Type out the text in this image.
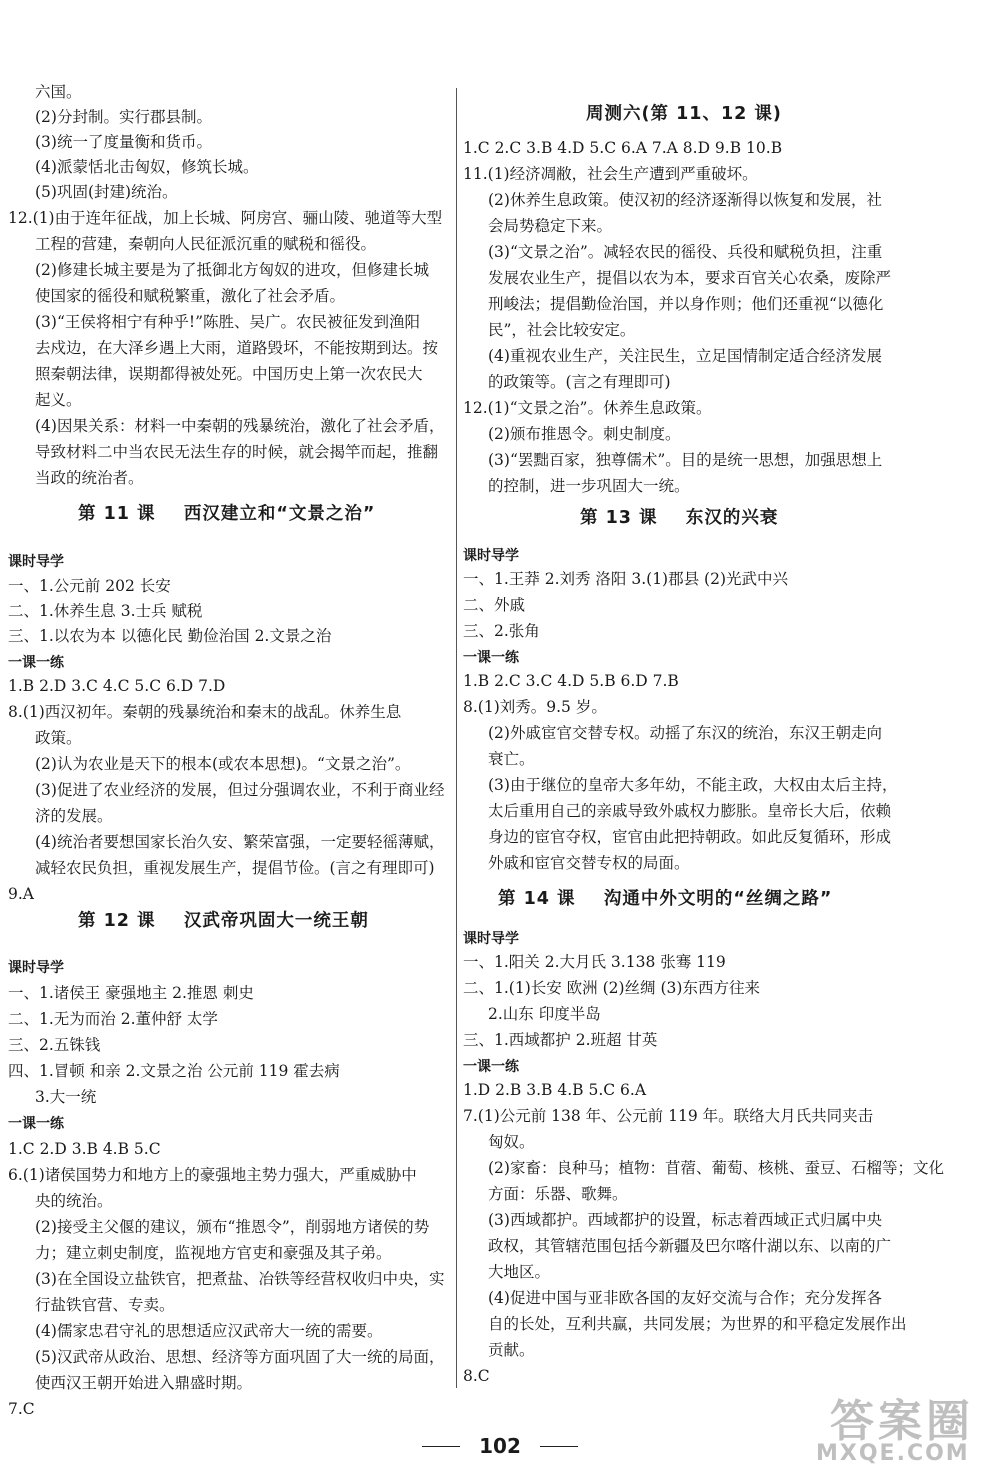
六国。
(2)分封制。实行郡县制。
(3)统一了度量衡和货币。
(4)派蒙恬北击匈奴，修筑长城。
(5)巩固(封建)统治。
12.(1)由于连年征战，加上长城、阿房宫、骊山陵、驰道等大型
工程的营建，秦朝向人民征派沉重的赋税和徭役。
(2)修建长城主要是为了抵御北方匈奴的进攻，但修建长城
使国家的徭役和赋税繁重，激化了社会矛盾。
(3)“王侯将相宁有种乎!”陈胜、吴广。农民被征发到渔阳
去戍边，在大泽乡遇上大雨，道路毁坏，不能按期到达。按
照秦朝法律，误期都得被处死。中国历史上第一次农民大
起义。
(4)因果关系：材料一中秦朝的残暴统治，激化了社会矛盾，
导致材料二中当农民无法生存的时候，就会揭竿而起，推翻
当政的统治者。
第 11 课    西汉建立和“文景之治”
课时导学
一、1.公元前 202 长安
二、1.休养生息 3.士兵 赋税
三、1.以农为本 以德化民 勤俭治国 2.文景之治
一课一练
1.B 2.D 3.C 4.C 5.C 6.D 7.D
8.(1)西汉初年。秦朝的残暴统治和秦末的战乱。休养生息
政策。
(2)认为农业是天下的根本(或农本思想)。“文景之治”。
(3)促进了农业经济的发展，但过分强调农业，不利于商业经
济的发展。
(4)统治者要想国家长治久安、繁荣富强，一定要轻徭薄赋，
减轻农民负担，重视发展生产，提倡节俭。(言之有理即可)
9.A
第 12 课    汉武帝巩固大一统王朝
课时导学
一、1.诸侯王 豪强地主 2.推恩 刺史
二、1.无为而治 2.董仲舒 太学
三、2.五铢钱
四、1.冒顿 和亲 2.文景之治 公元前 119 霍去病
3.大一统
一课一练
1.C 2.D 3.B 4.B 5.C
6.(1)诸侯国势力和地方上的豪强地主势力强大，严重威胁中
央的统治。
(2)接受主父偃的建议，颁布“推恩令”，削弱地方诸侯的势
力；建立刺史制度，监视地方官吏和豪强及其子弟。
(3)在全国设立盐铁官，把煮盐、冶铁等经营权收归中央，实
行盐铁官营、专卖。
(4)儒家忠君守礼的思想适应汉武帝大一统的需要。
(5)汉武帝从政治、思想、经济等方面巩固了大一统的局面，
使西汉王朝开始进入鼎盛时期。
7.C
周测六(第 11、12 课)
1.C 2.C 3.B 4.D 5.C 6.A 7.A 8.D 9.B 10.B
11.(1)经济凋敝，社会生产遭到严重破坏。
(2)休养生息政策。使汉初的经济逐渐得以恢复和发展，社
会局势稳定下来。
(3)“文景之治”。减轻农民的徭役、兵役和赋税负担，注重
发展农业生产，提倡以农为本，要求百官关心农桑，废除严
刑峻法；提倡勤俭治国，并以身作则；他们还重视“以德化
民”，社会比较安定。
(4)重视农业生产，关注民生，立足国情制定适合经济发展
的政策等。(言之有理即可)
12.(1)“文景之治”。休养生息政策。
(2)颁布推恩令。刺史制度。
(3)“罢黜百家，独尊儒术”。目的是统一思想，加强思想上
的控制，进一步巩固大一统。
第 13 课    东汉的兴衰
课时导学
一、1.王莽 2.刘秀 洛阳 3.(1)郡县 (2)光武中兴
二、外戚
三、2.张角
一课一练
1.B 2.C 3.C 4.D 5.B 6.D 7.B
8.(1)刘秀。9.5 岁。
(2)外戚宦官交替专权。动摇了东汉的统治，东汉王朝走向
衰亡。
(3)由于继位的皇帝大多年幼，不能主政，大权由太后主持，
太后重用自己的亲戚导致外戚权力膨胀。皇帝长大后，依赖
身边的宦官夺权，宦官由此把持朝政。如此反复循环，形成
外戚和宦官交替专权的局面。
第 14 课    沟通中外文明的“丝绸之路”
课时导学
一、1.阳关 2.大月氏 3.138 张骞 119
二、1.(1)长安 欧洲 (2)丝绸 (3)东西方往来
2.山东 印度半岛
三、1.西域都护 2.班超 甘英
一课一练
1.D 2.B 3.B 4.B 5.C 6.A
7.(1)公元前 138 年、公元前 119 年。联络大月氏共同夹击
匈奴。
(2)家畜：良种马；植物：苜蓿、葡萄、核桃、蚕豆、石榴等；文化
方面：乐器、歌舞。
(3)西域都护。西域都护的设置，标志着西域正式归属中央
政权，其管辖范围包括今新疆及巴尔喀什湖以东、以南的广
大地区。
(4)促进中国与亚非欧各国的友好交流与合作；充分发挥各
自的长处，互利共赢，共同发展；为世界的和平稳定发展作出
贡献。
8.C
102	答案圈
MXQE.COM
